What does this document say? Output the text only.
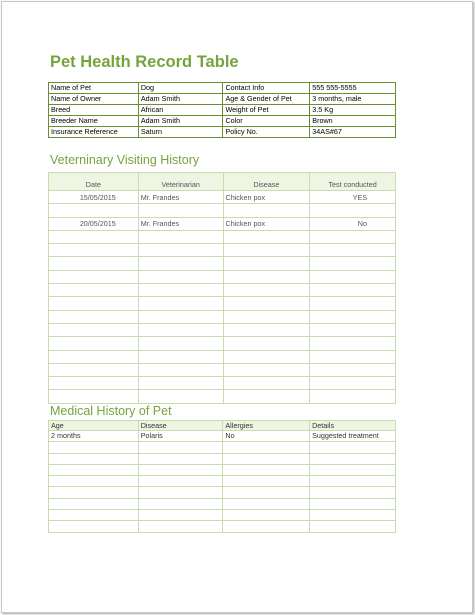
Pet Health Record Table
Name of Pet	Dog	Contact Info	555 555-5555
Name of Owner	Adam Smith	Age & Gender of Pet	3 months, male
Breed	African	Weight of Pet	3.5 Kg
Breeder Name	Adam Smith	Color	Brown
Insurance Reference	Saturn	Policy No.	34AS#67
Veterninary Visiting History
Date	Veterinarian	Disease	Test conducted
15/05/2015	Mr. Frandes	Chicken pox	YES

20/05/2015	Mr. Frandes	Chicken pox	No

Medical History of Pet
Age	Disease	Allergies	Details
2 months	Polaris	No	Suggested treatment
